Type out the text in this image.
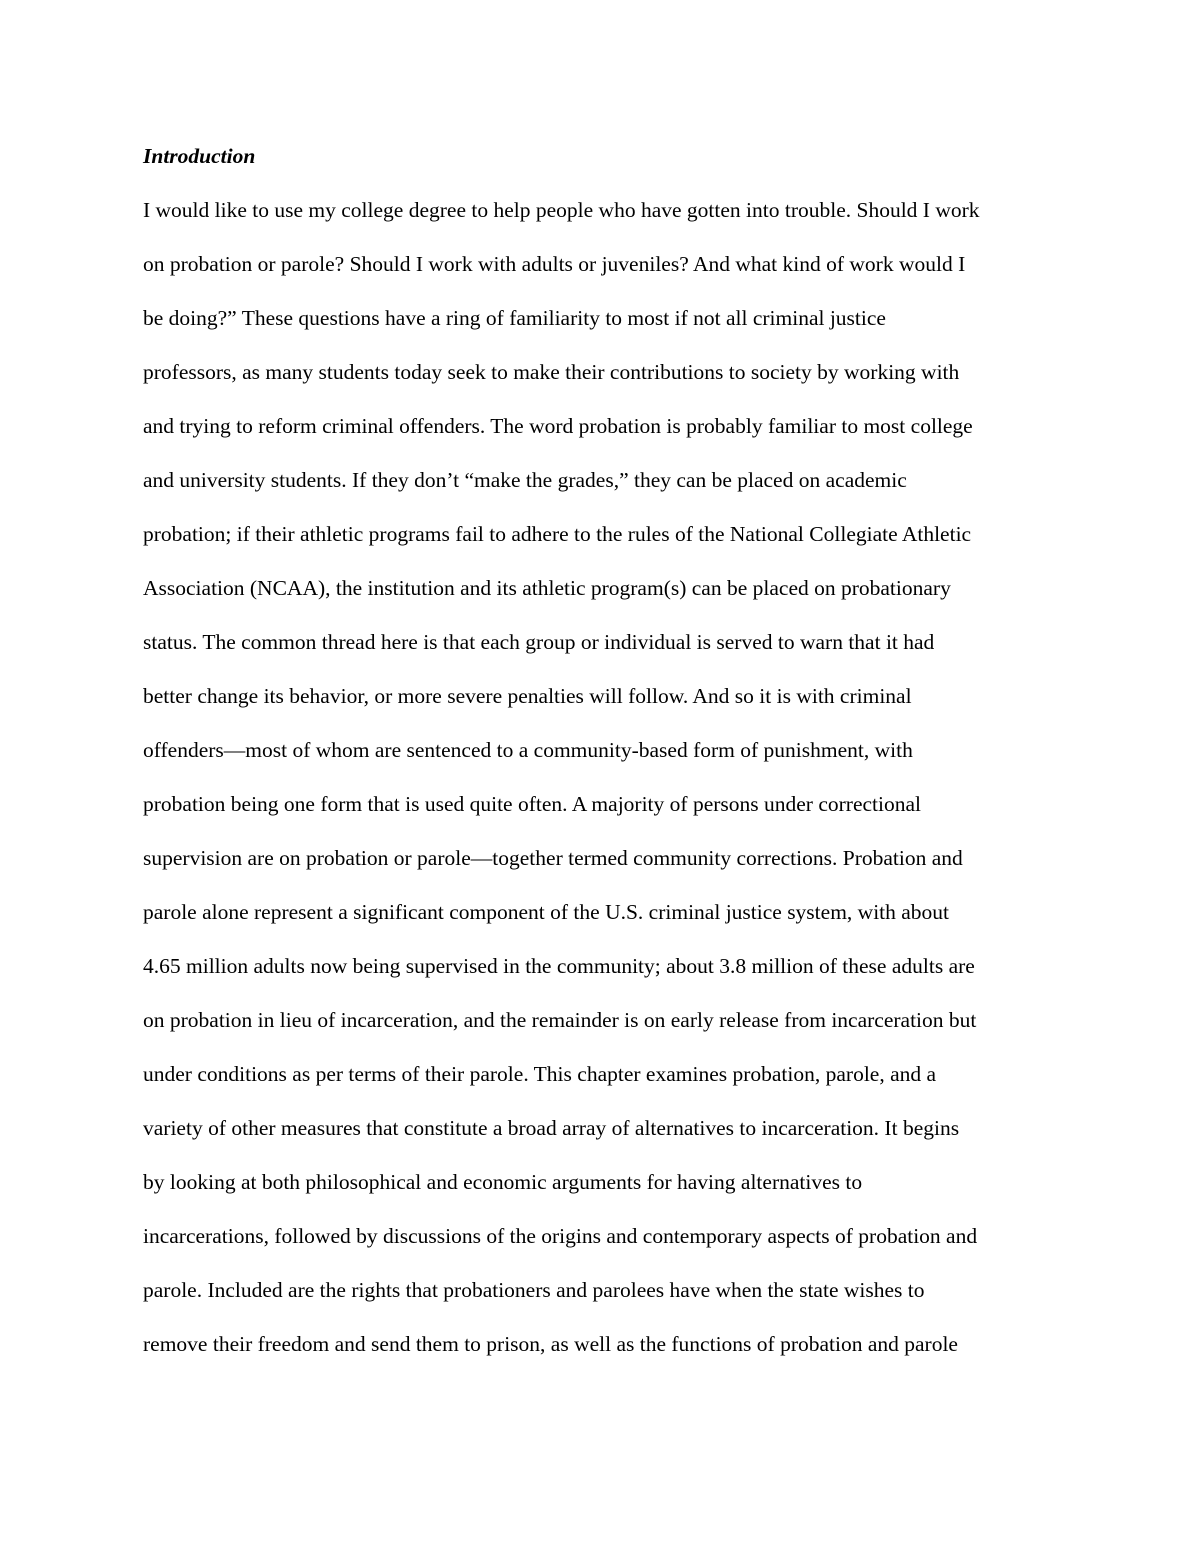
Introduction
I would like to use my college degree to help people who have gotten into trouble. Should I work
on probation or parole? Should I work with adults or juveniles? And what kind of work would I
be doing?” These questions have a ring of familiarity to most if not all criminal justice
professors, as many students today seek to make their contributions to society by working with
and trying to reform criminal offenders. The word probation is probably familiar to most college
and university students. If they don’t “make the grades,” they can be placed on academic
probation; if their athletic programs fail to adhere to the rules of the National Collegiate Athletic
Association (NCAA), the institution and its athletic program(s) can be placed on probationary
status. The common thread here is that each group or individual is served to warn that it had
better change its behavior, or more severe penalties will follow. And so it is with criminal
offenders—most of whom are sentenced to a community-based form of punishment, with
probation being one form that is used quite often. A majority of persons under correctional
supervision are on probation or parole—together termed community corrections. Probation and
parole alone represent a significant component of the U.S. criminal justice system, with about
4.65 million adults now being supervised in the community; about 3.8 million of these adults are
on probation in lieu of incarceration, and the remainder is on early release from incarceration but
under conditions as per terms of their parole. This chapter examines probation, parole, and a
variety of other measures that constitute a broad array of alternatives to incarceration. It begins
by looking at both philosophical and economic arguments for having alternatives to
incarcerations, followed by discussions of the origins and contemporary aspects of probation and
parole. Included are the rights that probationers and parolees have when the state wishes to
remove their freedom and send them to prison, as well as the functions of probation and parole
